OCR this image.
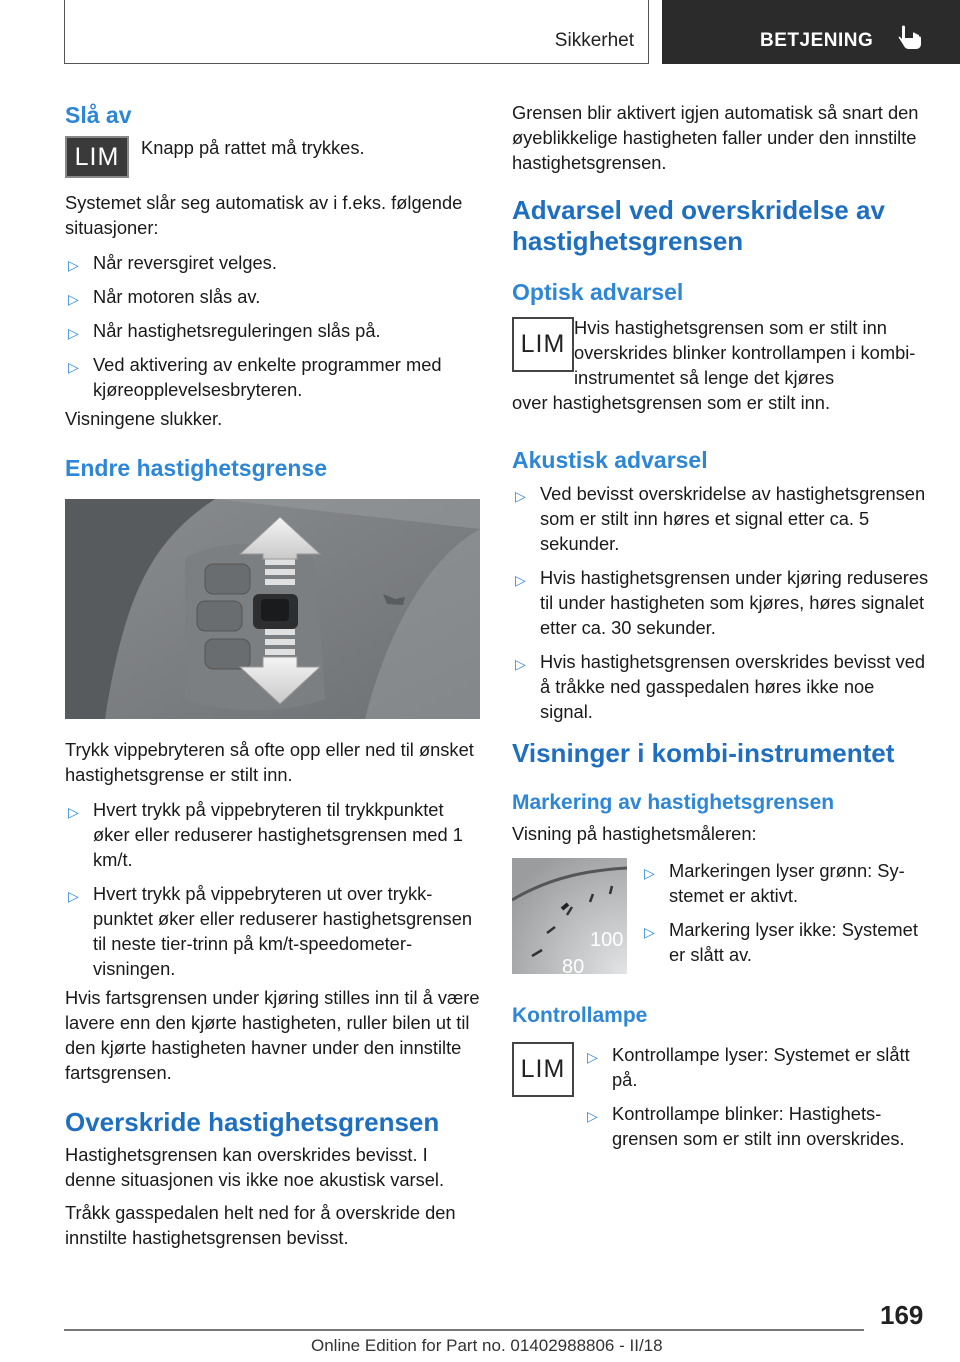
Sikkerhet	BETJENING
Slå av
LIM Knapp på rattet må trykkes.

Systemet slår seg automatisk av i f.eks. følgende situasjoner:

▷ Når reversgiret velges.
▷ Når motoren slås av.
▷ Når hastighetsreguleringen slås på.
▷ Ved aktivering av enkelte programmer med kjøreopplevelsesbryteren.

Visningene slukker.

Endre hastighetsgrense

Trykk vippebryteren så ofte opp eller ned til ønsket hastighetsgrense er stilt inn.

▷ Hvert trykk på vippebryteren til trykkpunktet øker eller reduserer hastighetsgrensen med 1 km/t.
▷ Hvert trykk på vippebryteren ut over trykkpunktet øker eller reduserer hastighetsgrensen til neste tier-trinn på km/t-speedometervisningen.

Hvis fartsgrensen under kjøring stilles inn til å være lavere enn den kjørte hastigheten, ruller bilen ut til den kjørte hastigheten havner under den innstilte fartsgrensen.

Overskride hastighetsgrensen

Hastighetsgrensen kan overskrides bevisst. I denne situasjonen vis ikke noe akustisk varsel.

Tråkk gasspedalen helt ned for å overskride den innstilte hastighetsgrensen bevisst.

Grensen blir aktivert igjen automatisk så snart den øyeblikkelige hastigheten faller under den innstilte hastighetsgrensen.

Advarsel ved overskridelse av hastighetsgrensen
Optisk advarsel
LIM

Hvis hastighetsgrensen som er stilt inn overskrides blinker kontrollampen i kombi-instrumentet så lenge det kjøres

over hastighetsgrensen som er stilt inn.

Akustisk advarsel
▷ Ved bevisst overskridelse av hastighetsgrensen som er stilt inn høres et signal etter ca. 5 sekunder.
▷ Hvis hastighetsgrensen under kjøring reduseres til under hastigheten som kjøres, høres signalet etter ca. 30 sekunder.
▷ Hvis hastighetsgrensen overskrides bevisst ved å tråkke ned gasspedalen høres ikke noe signal.
Visninger i kombi-instrumentet
Markering av hastighetsgrensen

Visning på hastighetsmåleren:

100
80
▷ Markeringen lyser grønn: Systemet er aktivt.
▷ Markering lyser ikke: Systemet er slått av.
Kontrollampe
LIM ▷ Kontrollampe lyser: Systemet er slått på.
▷ Kontrollampe blinker: Hastighetsgrensen som er stilt inn overskrides.
169
Online Edition for Part no. 01402988806 - II/18
